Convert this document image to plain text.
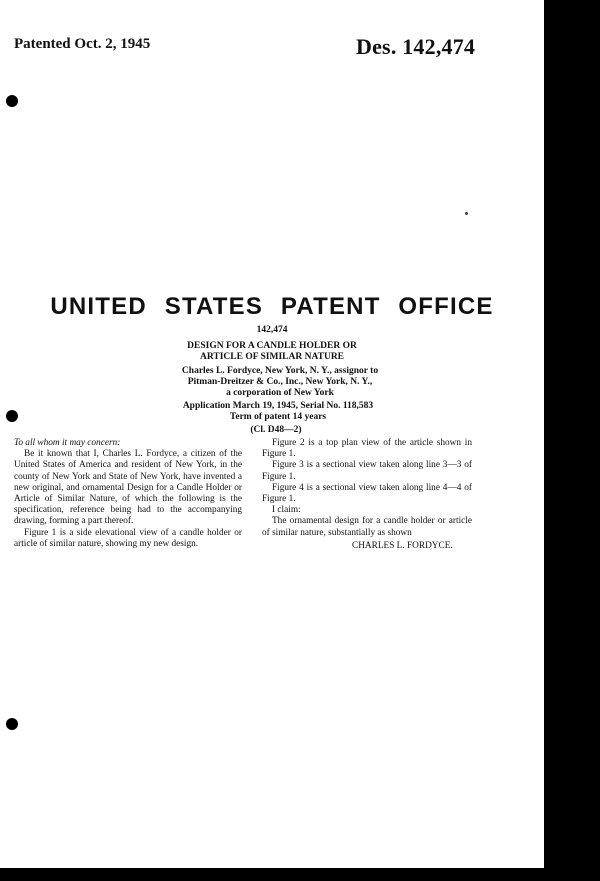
Patented Oct. 2, 1945	Des. 142,474
UNITED STATES PATENT OFFICE
142,474
DESIGN FOR A CANDLE HOLDER OR
ARTICLE OF SIMILAR NATURE
Charles L. Fordyce, New York, N. Y., assignor to
Pitman-Dreitzer & Co., Inc., New York, N. Y.,
a corporation of New York
Application March 19, 1945, Serial No. 118,583
Term of patent 14 years
(Cl. D48—2)

To all whom it may concern:

Be it known that I, Charles L. Fordyce, a citizen of the United States of America and resident of New York, in the county of New York and State of New York, have invented a new original, and ornamental Design for a Candle Holder or Article of Similar Nature, of which the following is the specification, reference being had to the accompanying drawing, forming a part thereof.

Figure 1 is a side elevational view of a candle holder or article of similar nature, showing my new design.

Figure 2 is a top plan view of the article shown in Figure 1.

Figure 3 is a sectional view taken along line 3—3 of Figure 1.

Figure 4 is a sectional view taken along line 4—4 of Figure 1.

I claim:

The ornamental design for a candle holder or article of similar nature, substantially as shown

CHARLES L. FORDYCE.
